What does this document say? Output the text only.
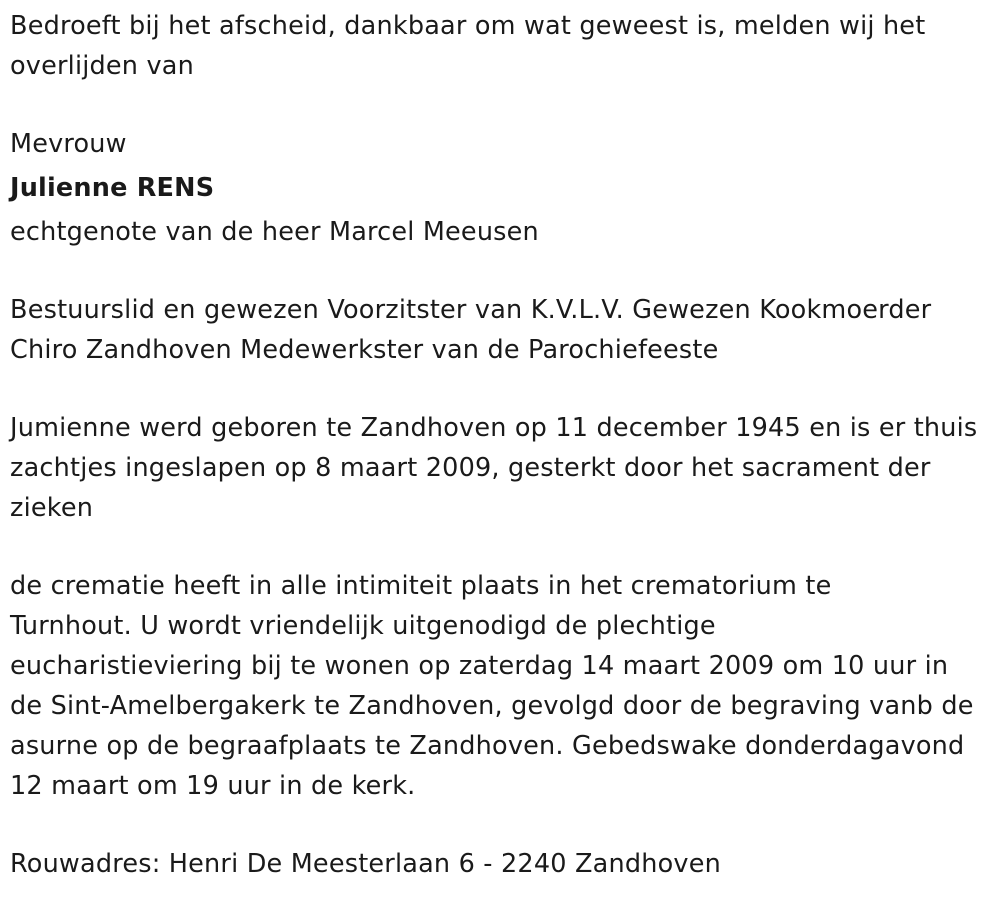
Bedroeft bij het afscheid, dankbaar om wat geweest is, melden wij het
overlijden van

Mevrouw

Julienne RENS

echtgenote van de heer Marcel Meeusen

Bestuurslid en gewezen Voorzitster van K.V.L.V. Gewezen Kookmoerder
Chiro Zandhoven Medewerkster van de Parochiefeeste

Jumienne werd geboren te Zandhoven op 11 december 1945 en is er thuis
zachtjes ingeslapen op 8 maart 2009, gesterkt door het sacrament der
zieken

de crematie heeft in alle intimiteit plaats in het crematorium te
Turnhout. U wordt vriendelijk uitgenodigd de plechtige
eucharistieviering bij te wonen op zaterdag 14 maart 2009 om 10 uur in
de Sint-Amelbergakerk te Zandhoven, gevolgd door de begraving vanb de
asurne op de begraafplaats te Zandhoven. Gebedswake donderdagavond
12 maart om 19 uur in de kerk.

Rouwadres: Henri De Meesterlaan 6 - 2240 Zandhoven
